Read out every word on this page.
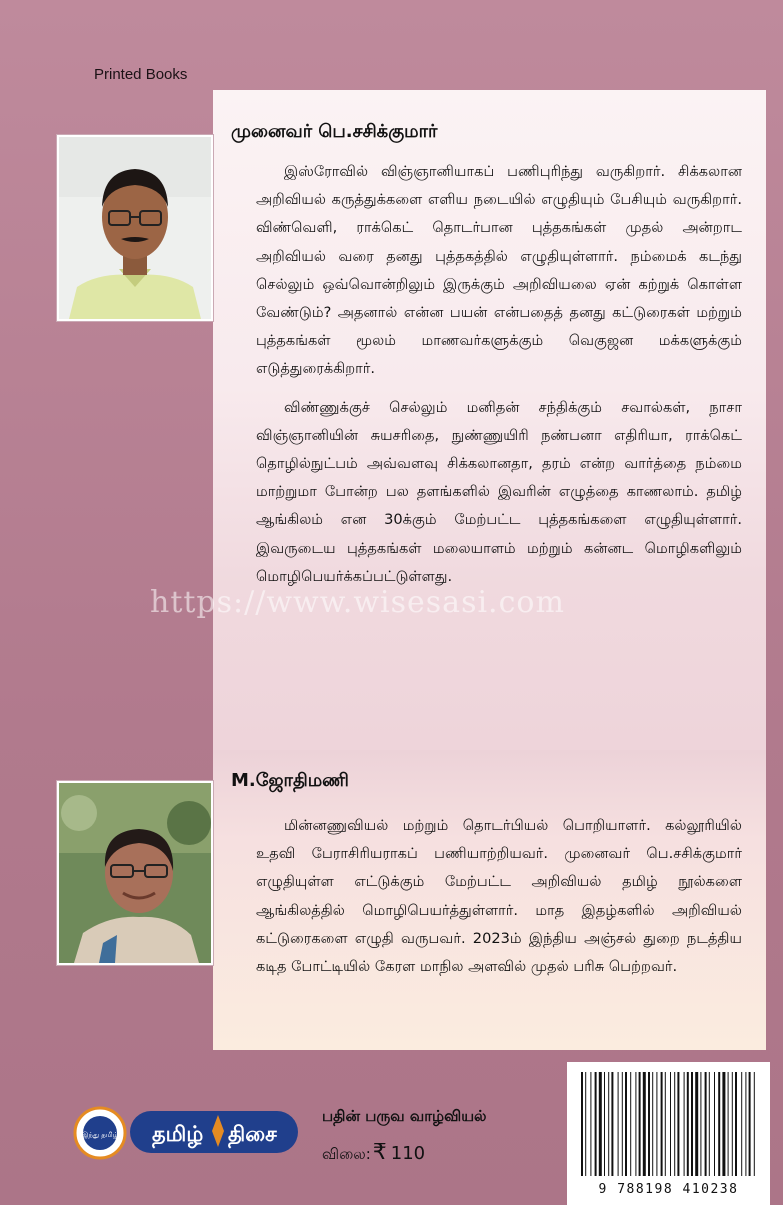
Printed Books
முனைவர் பெ.சசிக்குமார்

இஸ்ரோவில் விஞ்ஞானியாகப் பணிபுரிந்து வருகிறார். சிக்கலான அறிவியல் கருத்துக்களை எளிய நடையில் எழுதியும் பேசியும் வருகிறார். விண்வெளி, ராக்கெட் தொடர்பான புத்தகங்கள் முதல் அன்றாட அறிவியல் வரை தனது புத்தகத்தில் எழுதியுள்ளார். நம்மைக் கடந்து செல்லும் ஒவ்வொன்றிலும் இருக்கும் அறிவியலை ஏன் கற்றுக் கொள்ள வேண்டும்? அதனால் என்ன பயன் என்பதைத் தனது கட்டுரைகள் மற்றும் புத்தகங்கள் மூலம் மாணவர்களுக்கும் வெகுஜன மக்களுக்கும் எடுத்துரைக்கிறார்.

விண்ணுக்குச் செல்லும் மனிதன் சந்திக்கும் சவால்கள், நாசா விஞ்ஞானியின் சுயசரிதை, நுண்ணுயிரி நண்பனா எதிரியா, ராக்கெட் தொழில்நுட்பம் அவ்வளவு சிக்கலானதா, தரம் என்ற வார்த்தை நம்மை மாற்றுமா போன்ற பல தளங்களில் இவரின் எழுத்தை காணலாம். தமிழ் ஆங்கிலம் என 30க்கும் மேற்பட்ட புத்தகங்களை எழுதியுள்ளார். இவருடைய புத்தகங்கள் மலையாளம் மற்றும் கன்னட மொழிகளிலும் மொழிபெயர்க்கப்பட்டுள்ளது.

M.ஜோதிமணி

மின்னணுவியல் மற்றும் தொடர்பியல் பொறியாளர். கல்லூரியில் உதவி பேராசிரியராகப் பணியாற்றியவர். முனைவர் பெ.சசிக்குமார் எழுதியுள்ள எட்டுக்கும் மேற்பட்ட அறிவியல் தமிழ் நூல்களை ஆங்கிலத்தில் மொழிபெயர்த்துள்ளார். மாத இதழ்களில் அறிவியல் கட்டுரைகளை எழுதி வருபவர். 2023ம் இந்திய அஞ்சல் துறை நடத்திய கடித போட்டியில் கேரள மாநில அளவில் முதல் பரிசு பெற்றவர்.

https://www.wisesasi.com
இந்து தமிழ் தமிழ் திசை
பதின் பருவ வாழ்வியல்
விலை:₹ 110
9 788198 410238
